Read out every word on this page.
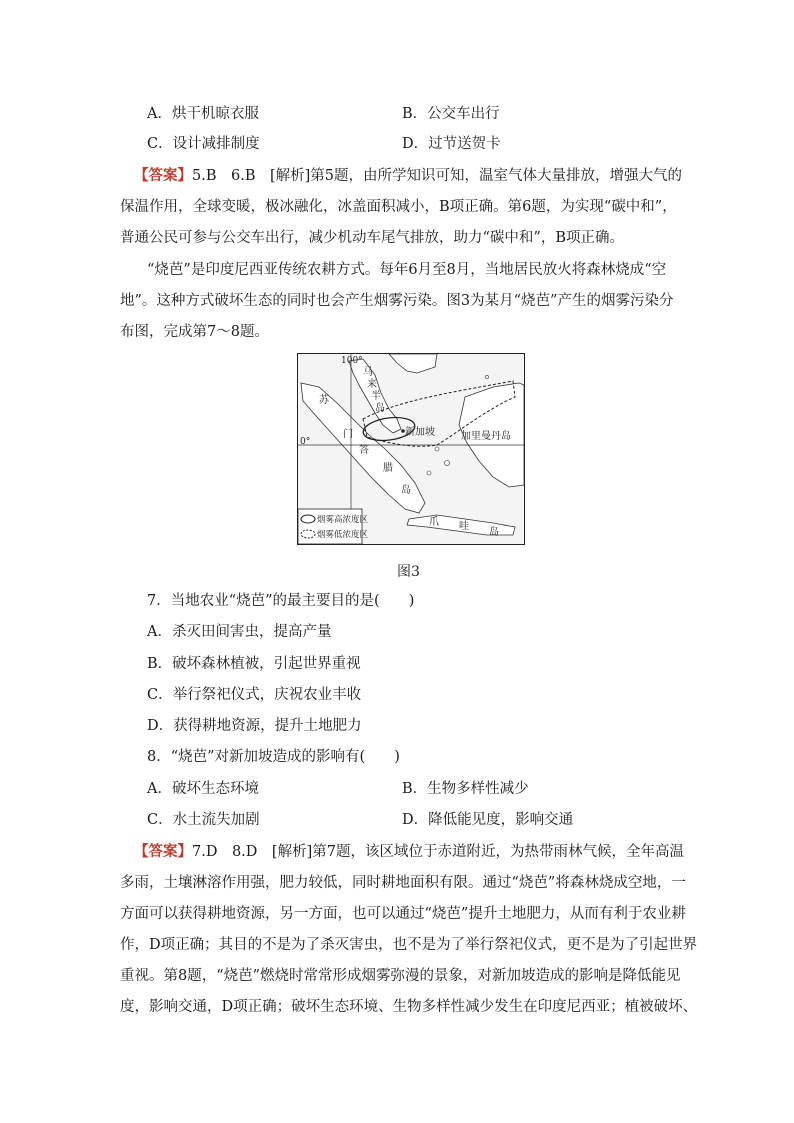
A．烘干机晾衣服	B．公交车出行
C．设计减排制度	D．过节送贺卡
【答案】5.B　6.B　[解析]第5题，由所学知识可知，温室气体大量排放，增强大气的
保温作用，全球变暖，极冰融化，冰盖面积减小，B项正确。第6题，为实现“碳中和”，
普通公民可参与公交车出行，减少机动车尾气排放，助力“碳中和”，B项正确。
“烧芭”是印度尼西亚传统农耕方式。每年6月至8月，当地居民放火将森林烧成“空
地”。这种方式破坏生态的同时也会产生烟雾污染。图3为某月“烧芭”产生的烟雾污染分
布图，完成第7～8题。
100°
0°
马
来
半
岛
苏
门
答
腊
岛
新加坡	加里曼丹岛
爪 哇
岛
烟雾高浓度区
烟雾低浓度区
图3
7．当地农业“烧芭”的最主要目的是(　　)
A．杀灭田间害虫，提高产量
B．破坏森林植被，引起世界重视
C．举行祭祀仪式，庆祝农业丰收
D．获得耕地资源，提升土地肥力
8．“烧芭”对新加坡造成的影响有(　　)
A．破坏生态环境	B．生物多样性减少
C．水土流失加剧	D．降低能见度，影响交通
【答案】7.D　8.D　[解析]第7题，该区域位于赤道附近，为热带雨林气候，全年高温
多雨，土壤淋溶作用强，肥力较低，同时耕地面积有限。通过“烧芭”将森林烧成空地，一
方面可以获得耕地资源，另一方面，也可以通过“烧芭”提升土地肥力，从而有利于农业耕
作，D项正确；其目的不是为了杀灭害虫，也不是为了举行祭祀仪式，更不是为了引起世界
重视。第8题，“烧芭”燃烧时常常形成烟雾弥漫的景象，对新加坡造成的影响是降低能见
度，影响交通，D项正确；破坏生态环境、生物多样性减少发生在印度尼西亚；植被破坏、
